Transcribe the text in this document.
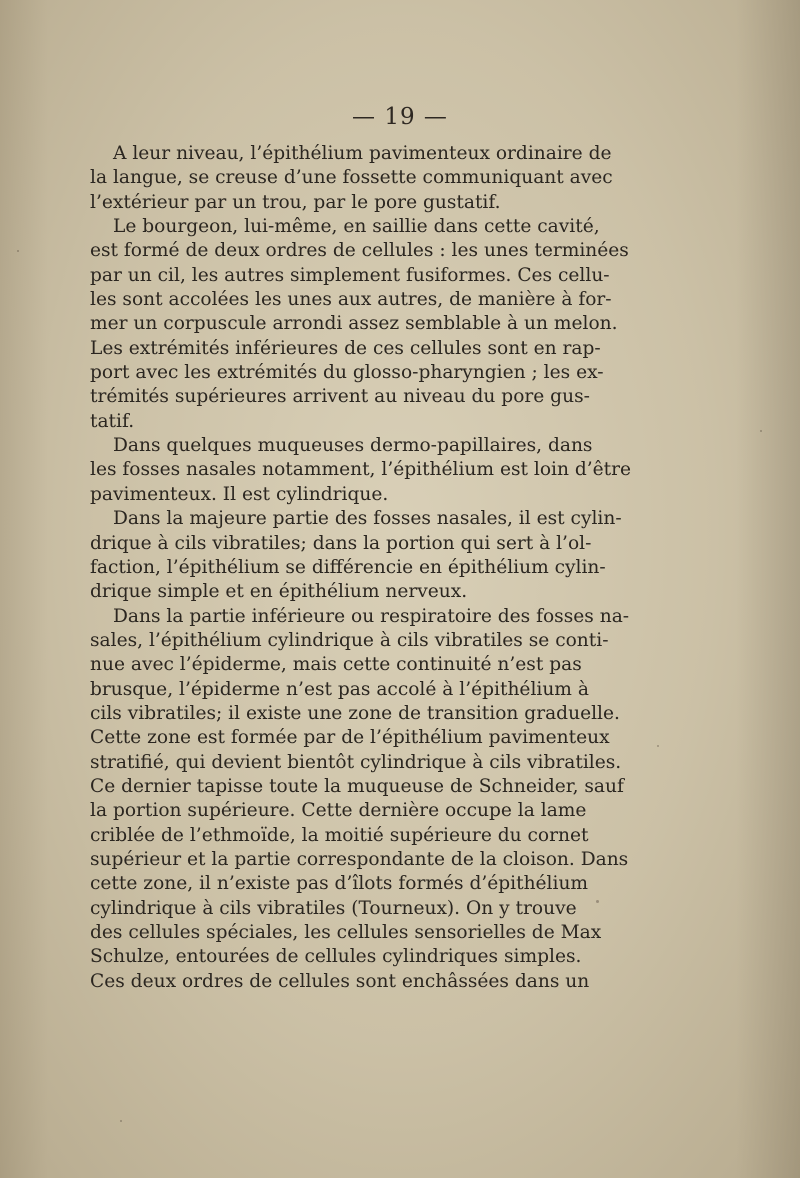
— 19 —
A leur niveau, l’épithélium pavimenteux ordinaire de
la langue, se creuse d’une fossette communiquant avec
l’extérieur par un trou, par le pore gustatif.
Le bourgeon, lui-même, en saillie dans cette cavité,
est formé de deux ordres de cellules : les unes terminées
par un cil, les autres simplement fusiformes. Ces cellu-
les sont accolées les unes aux autres, de manière à for-
mer un corpuscule arrondi assez semblable à un melon.
Les extrémités inférieures de ces cellules sont en rap-
port avec les extrémités du glosso-pharyngien ; les ex-
trémités supérieures arrivent au niveau du pore gus-
tatif.
Dans quelques muqueuses dermo-papillaires, dans
les fosses nasales notamment, l’épithélium est loin d’être
pavimenteux. Il est cylindrique.
Dans la majeure partie des fosses nasales, il est cylin-
drique à cils vibratiles; dans la portion qui sert à l’ol-
faction, l’épithélium se différencie en épithélium cylin-
drique simple et en épithélium nerveux.
Dans la partie inférieure ou respiratoire des fosses na-
sales, l’épithélium cylindrique à cils vibratiles se conti-
nue avec l’épiderme, mais cette continuité n’est pas
brusque, l’épiderme n’est pas accolé à l’épithélium à
cils vibratiles; il existe une zone de transition graduelle.
Cette zone est formée par de l’épithélium pavimenteux
stratifié, qui devient bientôt cylindrique à cils vibratiles.
Ce dernier tapisse toute la muqueuse de Schneider, sauf
la portion supérieure. Cette dernière occupe la lame
criblée de l’ethmoïde, la moitié supérieure du cornet
supérieur et la partie correspondante de la cloison. Dans
cette zone, il n’existe pas d’îlots formés d’épithélium
cylindrique à cils vibratiles (Tourneux). On y trouve
des cellules spéciales, les cellules sensorielles de Max
Schulze, entourées de cellules cylindriques simples.
Ces deux ordres de cellules sont enchâssées dans un
